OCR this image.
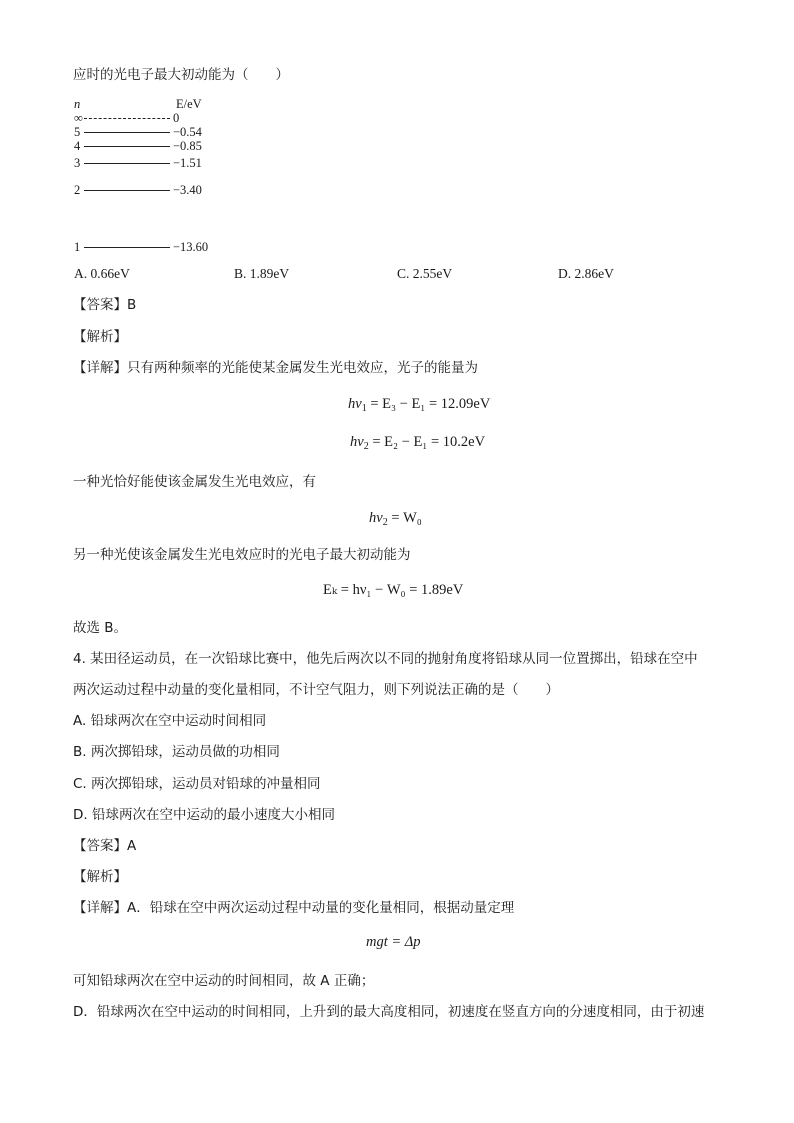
应时的光电子最大初动能为（　　）
n	E/eV
∞	0
5	−0.54
4	−0.85
3	−1.51
2	−3.40
1	−13.60
A. 0.66eV	B. 1.89eV	C. 2.55eV	D. 2.86eV
【答案】B
【解析】
【详解】只有两种频率的光能使某金属发生光电效应，光子的能量为
$h\nu_1 = E_3 - E_1 = 12.09eV$
$h\nu_2 = E_2 - E_1 = 10.2eV$
一种光恰好能使该金属发生光电效应，有
$h\nu_2 = W_0$
另一种光使该金属发生光电效应时的光电子最大初动能为
Eₖ = hν₁ − W₀ = 1.89eV
故选 B。
4. 某田径运动员，在一次铅球比赛中，他先后两次以不同的抛射角度将铅球从同一位置掷出，铅球在空中
两次运动过程中动量的变化量相同，不计空气阻力，则下列说法正确的是（　　）
A. 铅球两次在空中运动时间相同
B. 两次掷铅球，运动员做的功相同
C. 两次掷铅球，运动员对铅球的冲量相同
D. 铅球两次在空中运动的最小速度大小相同
【答案】A
【解析】
【详解】A．铅球在空中两次运动过程中动量的变化量相同，根据动量定理
mgt = Δp
可知铅球两次在空中运动的时间相同，故 A 正确；
D．铅球两次在空中运动的时间相同，上升到的最大高度相同，初速度在竖直方向的分速度相同，由于初速
